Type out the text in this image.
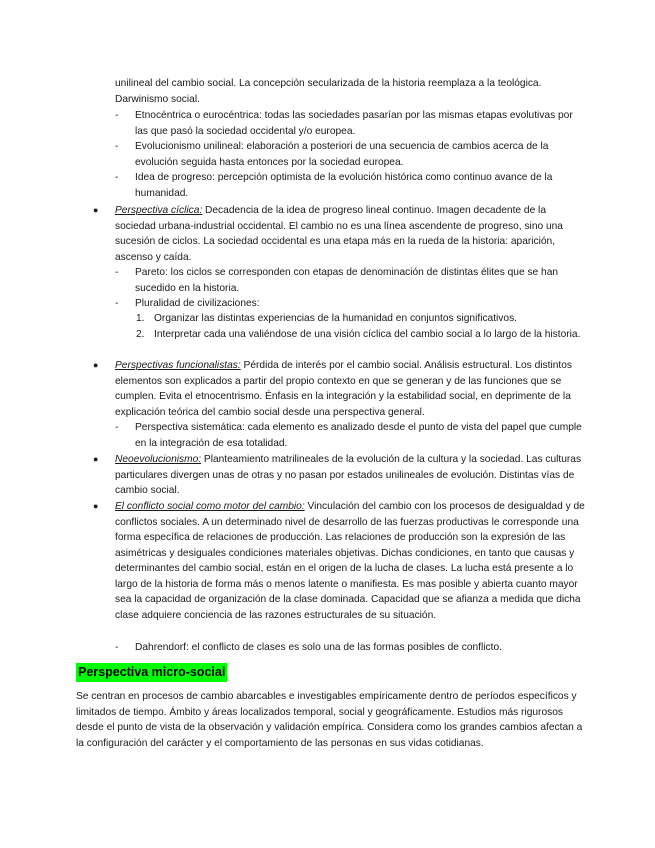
unilineal del cambio social. La concepción secularizada de la historia reemplaza a la teológica.
Darwinismo social.
- Etnocéntrica o eurocéntrica: todas las sociedades pasarían por las mismas etapas evolutivas por las que pasó la sociedad occidental y/o europea.
- Evolucionismo unilineal: elaboración a posteriori de una secuencia de cambios acerca de la evolución seguida hasta entonces por la sociedad europea.
- Idea de progreso: percepción optimista de la evolución histórica como continuo avance de la humanidad.
● Perspectiva cíclica: Decadencia de la idea de progreso lineal continuo. Imagen decadente de la sociedad urbana-industrial occidental. El cambio no es una línea ascendente de progreso, sino una sucesión de ciclos. La sociedad occidental es una etapa más en la rueda de la historia: aparición, ascenso y caída.
- Pareto: los ciclos se corresponden con etapas de denominación de distintas élites que se han sucedido en la historia.
- Pluralidad de civilizaciones:
1. Organizar las distintas experiencias de la humanidad en conjuntos significativos.
2. Interpretar cada una valiéndose de una visión cíclica del cambio social a lo largo de la historia.
● Perspectivas funcionalistas: Pérdida de interés por el cambio social. Análisis estructural. Los distintos elementos son explicados a partir del propio contexto en que se generan y de las funciones que se cumplen. Evita el etnocentrismo. Énfasis en la integración y la estabilidad social, en deprimente de la explicación teórica del cambio social desde una perspectiva general.
- Perspectiva sistemática: cada elemento es analizado desde el punto de vista del papel que cumple en la integración de esa totalidad.
● Neoevolucionismo: Planteamiento matrilineales de la evolución de la cultura y la sociedad. Las culturas particulares divergen unas de otras y no pasan por estados unilineales de evolución. Distintas vías de cambio social.
● El conflicto social como motor del cambio: Vinculación del cambio con los procesos de desigualdad y de conflictos sociales. A un determinado nivel de desarrollo de las fuerzas productivas le corresponde una forma específica de relaciones de producción. Las relaciones de producción son la expresión de las asimétricas y desiguales condiciones materiales objetivas. Dichas condiciones, en tanto que causas y determinantes del cambio social, están en el origen de la lucha de clases. La lucha está presente a lo largo de la historia de forma más o menos latente o manifiesta. Es mas posible y abierta cuanto mayor sea la capacidad de organización de la clase dominada. Capacidad que se afianza a medida que dicha clase adquiere conciencia de las razones estructurales de su situación.
- Dahrendorf: el conflicto de clases es solo una de las formas posibles de conflicto.
Perspectiva micro-social
Se centran en procesos de cambio abarcables e investigables empíricamente dentro de períodos específicos y limitados de tiempo. Ámbito y áreas localizados temporal, social y geográficamente. Estudios más rigurosos desde el punto de vista de la observación y validación empírica. Considera como los grandes cambios afectan a la configuración del carácter y el comportamiento de las personas en sus vidas cotidianas.
